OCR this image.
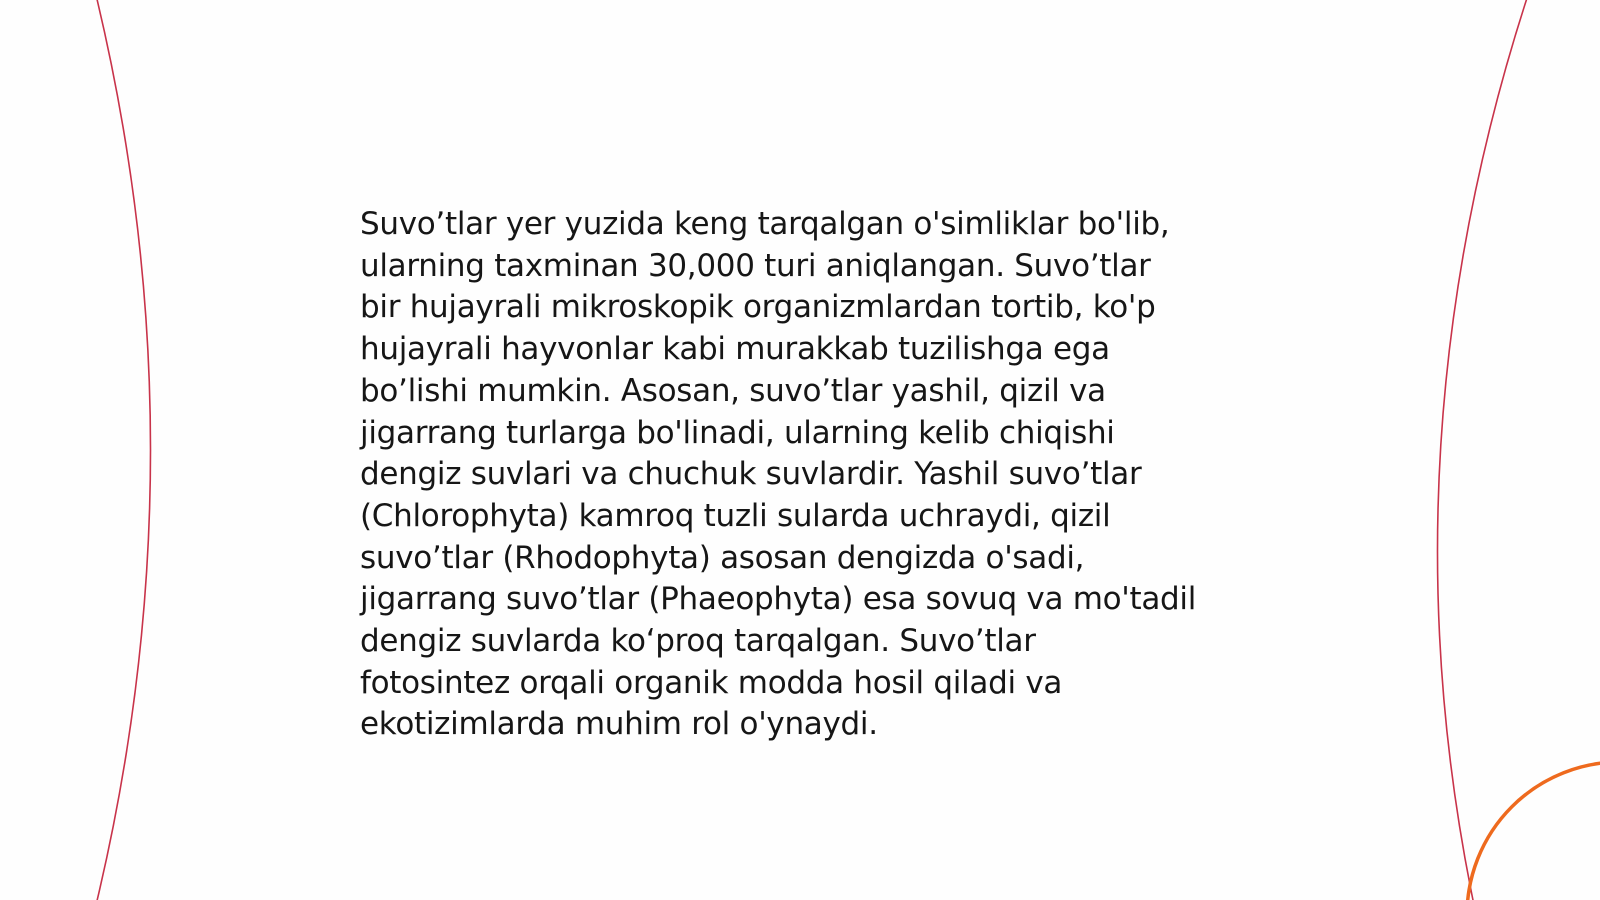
Suvo’tlar yer yuzida keng tarqalgan o'simliklar bo'lib,
ularning taxminan 30,000 turi aniqlangan. Suvo’tlar
bir hujayrali mikroskopik organizmlardan tortib, ko'p
hujayrali hayvonlar kabi murakkab tuzilishga ega
bo’lishi mumkin. Asosan, suvo’tlar yashil, qizil va
jigarrang turlarga bo'linadi, ularning kelib chiqishi
dengiz suvlari va chuchuk suvlardir. Yashil suvo’tlar
(Chlorophyta) kamroq tuzli sularda uchraydi, qizil
suvo’tlar (Rhodophyta) asosan dengizda o'sadi,
jigarrang suvo’tlar (Phaeophyta) esa sovuq va mo'tadil
dengiz suvlarda ko‘proq tarqalgan. Suvo’tlar
fotosintez orqali organik modda hosil qiladi va
ekotizimlarda muhim rol o'ynaydi.
